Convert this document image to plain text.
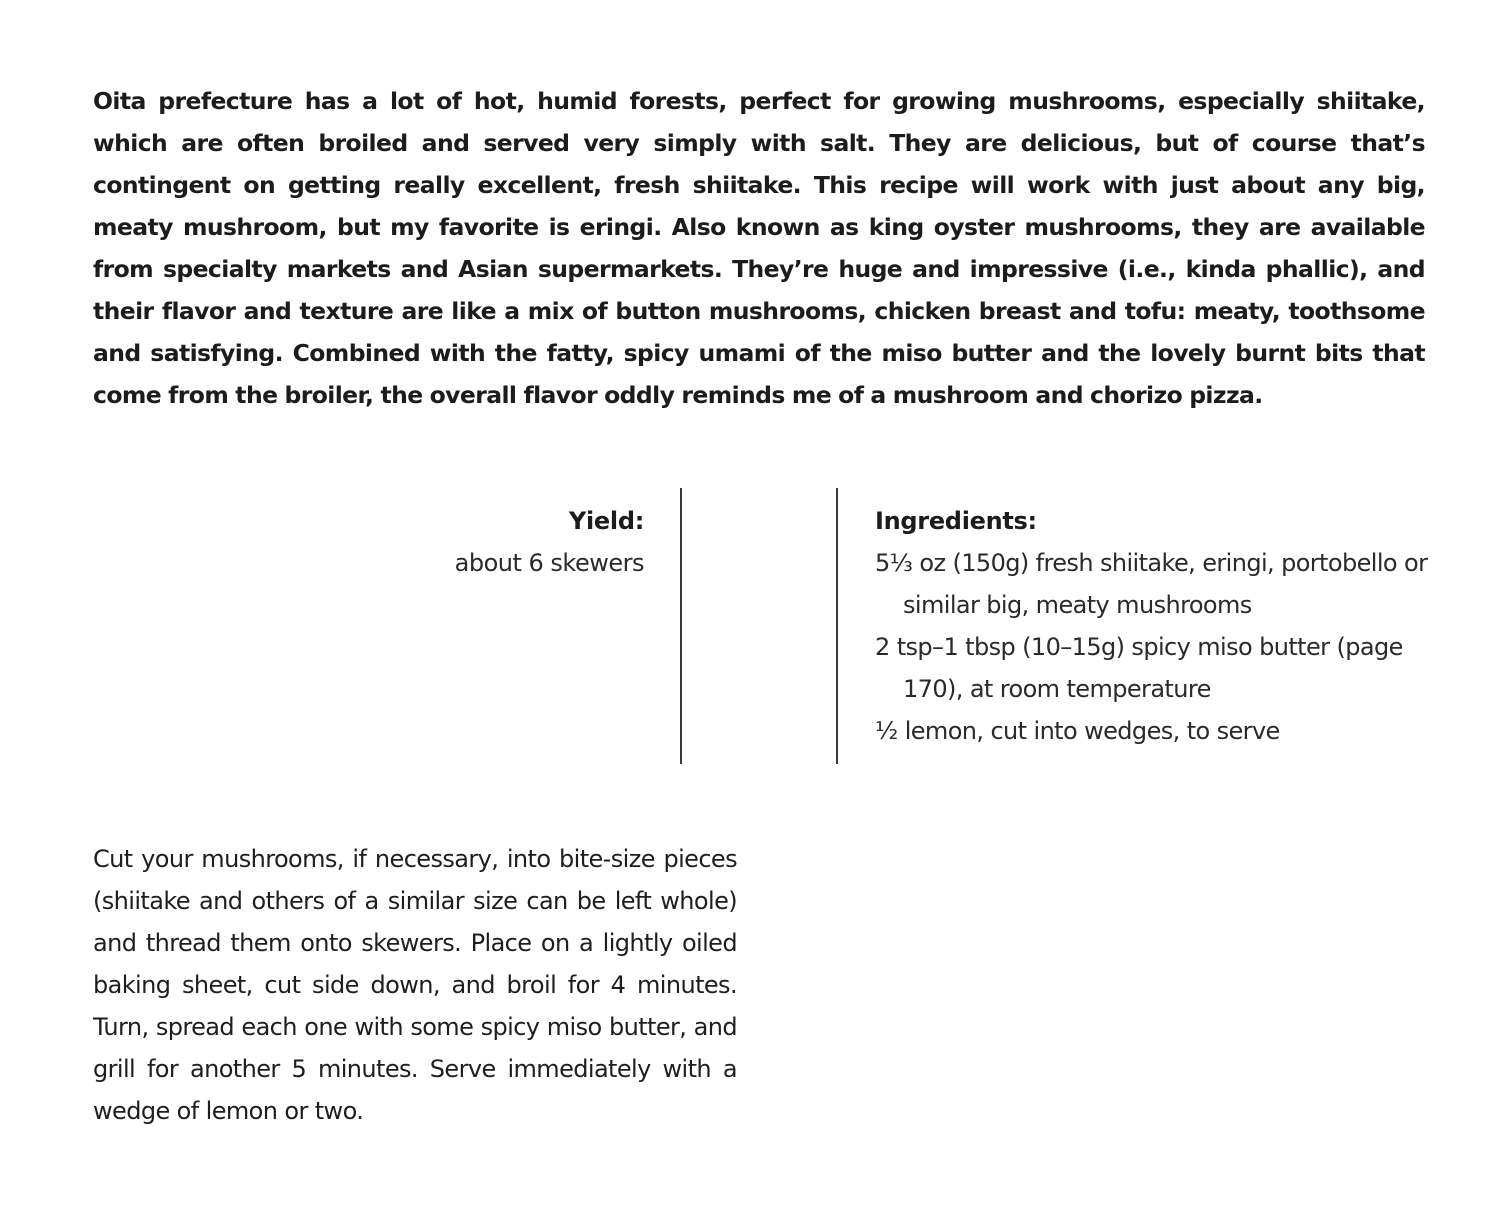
Oita prefecture has a lot of hot, humid forests, perfect for growing mushrooms, especially shiitake, which are often broiled and served very simply with salt. They are delicious, but of course that’s contingent on getting really excellent, fresh shiitake. This recipe will work with just about any big, meaty mushroom, but my favorite is eringi. Also known as king oyster mushrooms, they are available from specialty markets and Asian supermarkets. They’re huge and impressive (i.e., kinda phallic), and their flavor and texture are like a mix of button mushrooms, chicken breast and tofu: meaty, toothsome and satisfying. Combined with the fatty, spicy umami of the miso butter and the lovely burnt bits that come from the broiler, the overall flavor oddly reminds me of a mushroom and chorizo pizza.

Yield:
about 6 skewers
Ingredients:
5⅓ oz (150g) fresh shiitake, eringi, portobello or similar big, meaty mushrooms
2 tsp–1 tbsp (10–15g) spicy miso butter (page 170), at room temperature
½ lemon, cut into wedges, to serve

Cut your mushrooms, if necessary, into bite-size pieces (shiitake and others of a similar size can be left whole) and thread them onto skewers. Place on a lightly oiled baking sheet, cut side down, and broil for 4 minutes. Turn, spread each one with some spicy miso butter, and grill for another 5 minutes. Serve immediately with a wedge of lemon or two.
